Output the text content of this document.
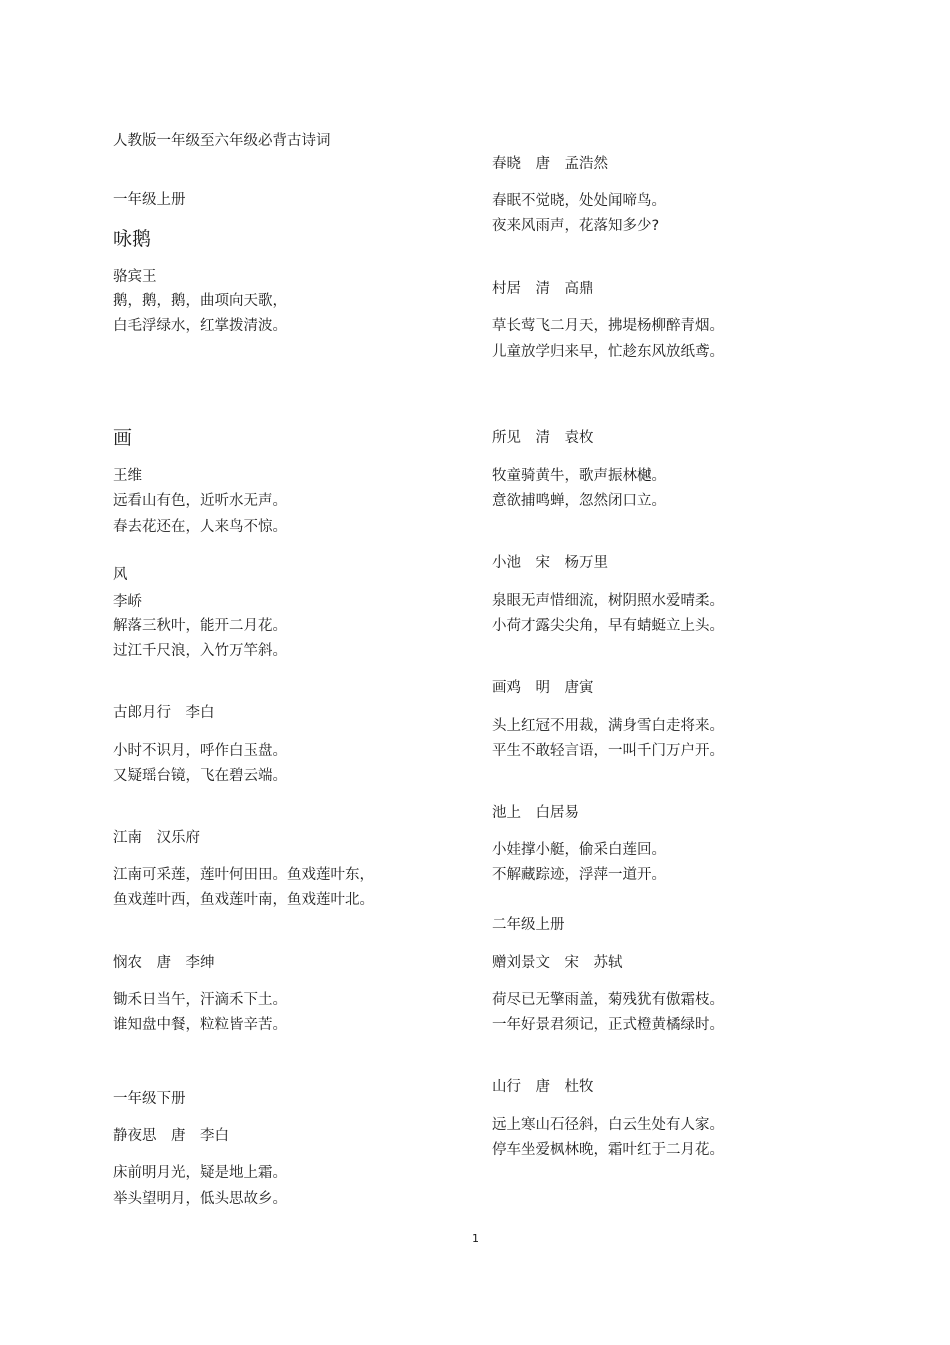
人教版一年级至六年级必背古诗词
一年级上册
咏鹅
骆宾王
鹅，鹅，鹅，曲项向天歌，
白毛浮绿水，红掌拨清波。
画
王维
远看山有色，近听水无声。
春去花还在，人来鸟不惊。
风
李峤
解落三秋叶，能开二月花。
过江千尺浪，入竹万竿斜。
古郎月行　李白
小时不识月，呼作白玉盘。
又疑瑶台镜，飞在碧云端。
江南　汉乐府
江南可采莲，莲叶何田田。鱼戏莲叶东，
鱼戏莲叶西，鱼戏莲叶南，鱼戏莲叶北。
悯农　唐　李绅
锄禾日当午，汗滴禾下土。
谁知盘中餐，粒粒皆辛苦。
一年级下册
静夜思　唐　李白
床前明月光，疑是地上霜。
举头望明月，低头思故乡。
春晓　唐　孟浩然
春眠不觉晓，处处闻啼鸟。
夜来风雨声，花落知多少?
村居　清　高鼎
草长莺飞二月天，拂堤杨柳醉青烟。
儿童放学归来早，忙趁东风放纸鸢。
所见　清　袁枚
牧童骑黄牛，歌声振林樾。
意欲捕鸣蝉，忽然闭口立。
小池　宋　杨万里
泉眼无声惜细流，树阴照水爱晴柔。
小荷才露尖尖角，早有蜻蜓立上头。
画鸡　明　唐寅
头上红冠不用裁，满身雪白走将来。
平生不敢轻言语，一叫千门万户开。
池上　白居易
小娃撑小艇，偷采白莲回。
不解藏踪迹，浮萍一道开。
二年级上册
赠刘景文　宋　苏轼
荷尽已无擎雨盖，菊残犹有傲霜枝。
一年好景君须记，正式橙黄橘绿时。
山行　唐　杜牧
远上寒山石径斜，白云生处有人家。
停车坐爱枫林晚，霜叶红于二月花。
1
